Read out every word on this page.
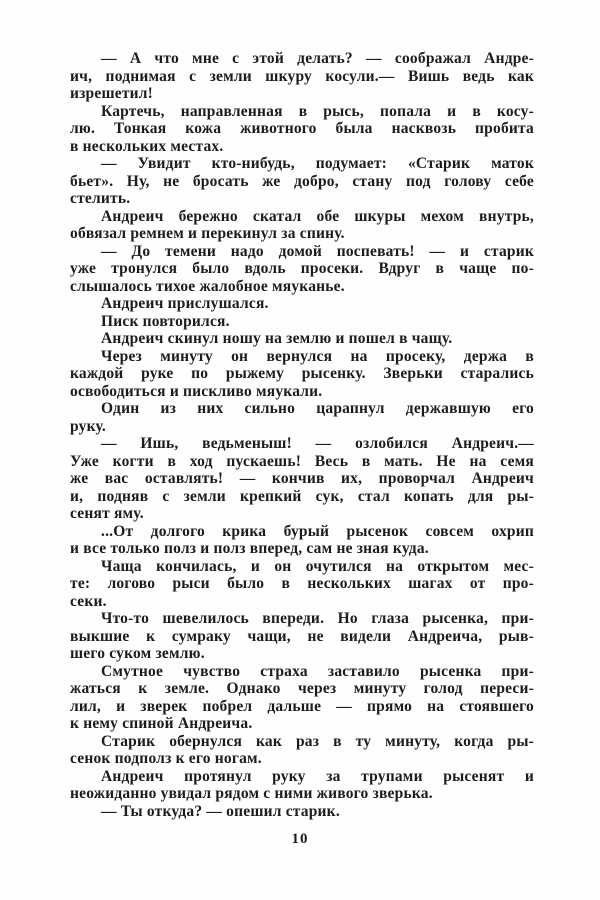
— А что мне с этой делать? — соображал Андре-
ич, поднимая с земли шкуру косули.— Вишь ведь как
изрешетил!
Картечь, направленная в рысь, попала и в косу-
лю. Тонкая кожа животного была насквозь пробита
в нескольких местах.
— Увидит кто-нибудь, подумает: «Старик маток
бьет». Ну, не бросать же добро, стану под голову себе
стелить.
Андреич бережно скатал обе шкуры мехом внутрь,
обвязал ремнем и перекинул за спину.
— До темени надо домой поспевать! — и старик
уже тронулся было вдоль просеки. Вдруг в чаще по-
слышалось тихое жалобное мяуканье.
Андреич прислушался.
Писк повторился.
Андреич скинул ношу на землю и пошел в чащу.
Через минуту он вернулся на просеку, держа в
каждой руке по рыжему рысенку. Зверьки старались
освободиться и пискливо мяукали.
Один из них сильно царапнул державшую его
руку.
— Ишь, ведьменыш! — озлобился Андреич.—
Уже когти в ход пускаешь! Весь в мать. Не на семя
же вас оставлять! — кончив их, проворчал Андреич
и, подняв с земли крепкий сук, стал копать для ры-
сенят яму.
...От долгого крика бурый рысенок совсем охрип
и все только полз и полз вперед, сам не зная куда.
Чаща кончилась, и он очутился на открытом мес-
те: логово рыси было в нескольких шагах от про-
секи.
Что-то шевелилось впереди. Но глаза рысенка, при-
выкшие к сумраку чащи, не видели Андреича, рыв-
шего суком землю.
Смутное чувство страха заставило рысенка при-
жаться к земле. Однако через минуту голод переси-
лил, и зверек побрел дальше — прямо на стоявшего
к нему спиной Андреича.
Старик обернулся как раз в ту минуту, когда ры-
сенок подполз к его ногам.
Андреич протянул руку за трупами рысенят и
неожиданно увидал рядом с ними живого зверька.
— Ты откуда? — опешил старик.
10
